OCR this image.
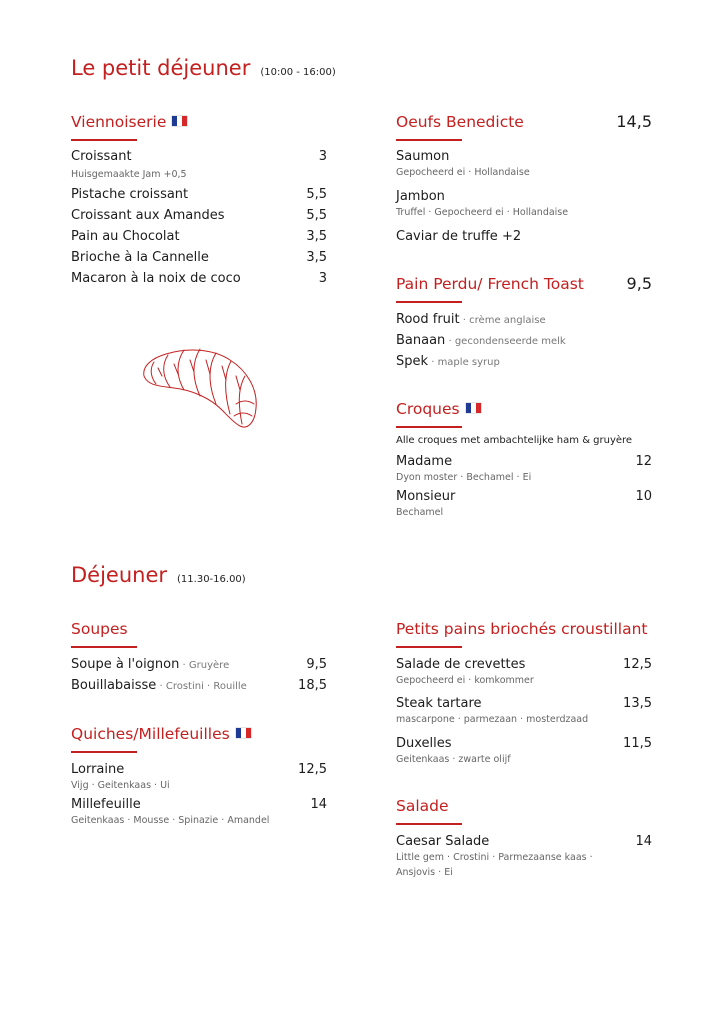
Le petit déjeuner (10:00 - 16:00)
Viennoiserie
Croissant	3
Huisgemaakte Jam +0,5
Pistache croissant	5,5
Croissant aux Amandes	5,5
Pain au Chocolat	3,5
Brioche à la Cannelle	3,5
Macaron à la noix de coco	3
Oeufs Benedicte	14,5
Saumon
Gepocheerd ei · Hollandaise
Jambon
Truffel · Gepocheerd ei · Hollandaise
Caviar de truffe +2
Pain Perdu/ French Toast	9,5
Rood fruit · crème anglaise
Banaan · gecondenseerde melk
Spek · maple syrup
Croques
Alle croques met ambachtelijke ham & gruyère
Madame	12
Dyon moster · Bechamel · Ei
Monsieur	10
Bechamel
Déjeuner (11.30-16.00)
Soupes
Soupe à l'oignon · Gruyère	9,5
Bouillabaisse · Crostini · Rouille	18,5
Quiches/Millefeuilles
Lorraine	12,5
Vijg · Geitenkaas · Ui
Millefeuille	14
Geitenkaas · Mousse · Spinazie · Amandel
Petits pains briochés croustillant
Salade de crevettes	12,5
Gepocheerd ei · komkommer
Steak tartare	13,5
mascarpone · parmezaan · mosterdzaad
Duxelles	11,5
Geitenkaas · zwarte olijf
Salade
Caesar Salade	14
Little gem · Crostini · Parmezaanse kaas ·
Ansjovis · Ei
